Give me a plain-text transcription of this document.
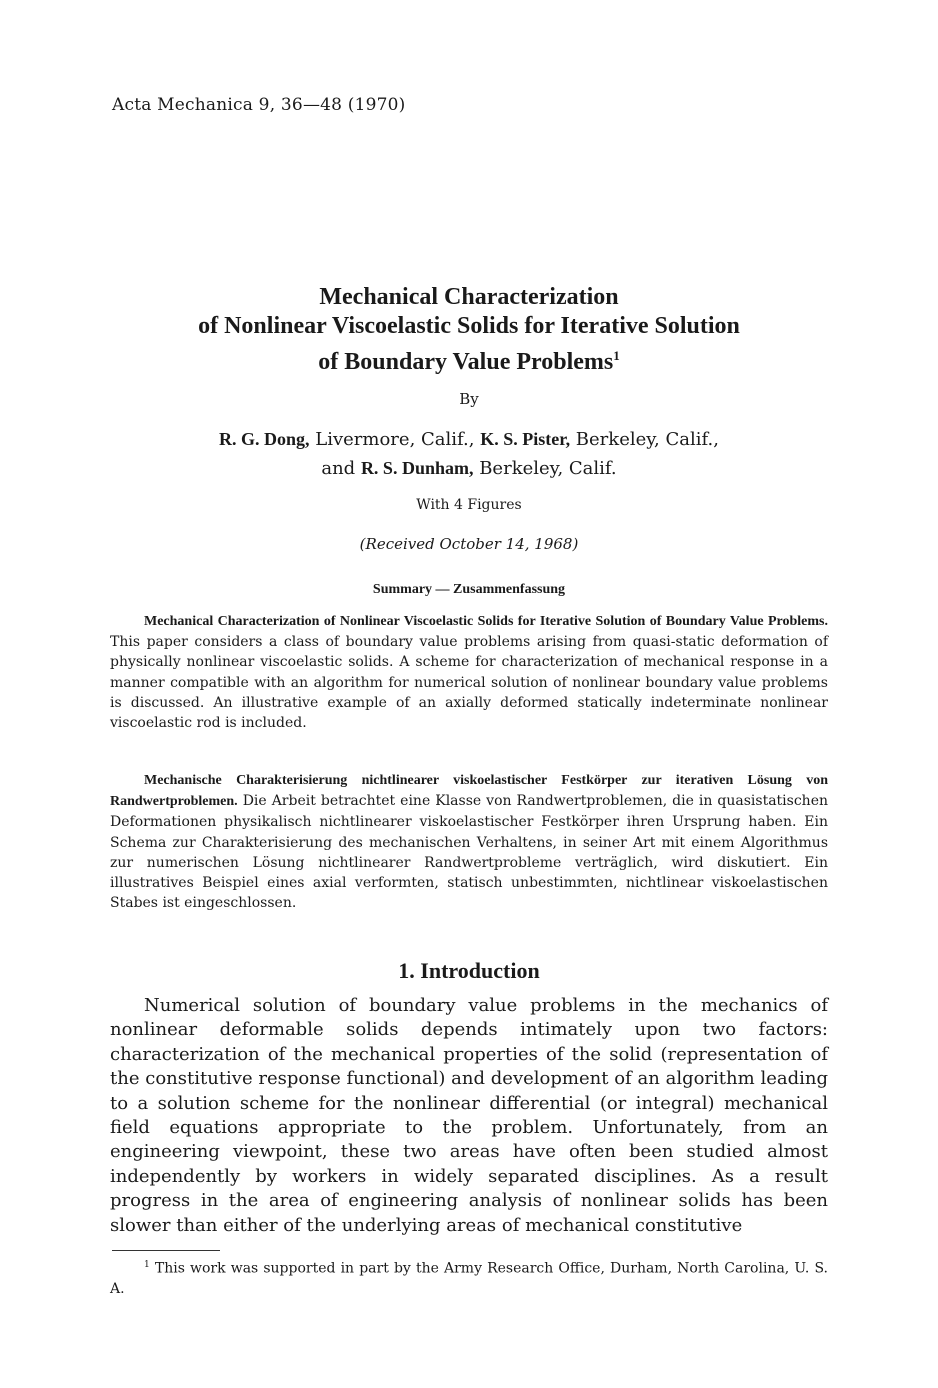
Acta Mechanica 9, 36—48 (1970)
Mechanical Characterization
of Nonlinear Viscoelastic Solids for Iterative Solution
of Boundary Value Problems$^1$
By
R. G. Dong, Livermore, Calif., K. S. Pister, Berkeley, Calif.,
and R. S. Dunham, Berkeley, Calif.
With 4 Figures
(Received October 14, 1968)
Summary — Zusammenfassung
Mechanical Characterization of Nonlinear Viscoelastic Solids for Iterative Solution of Boundary Value Problems. This paper considers a class of boundary value problems arising from quasi-static deformation of physically nonlinear viscoelastic solids. A scheme for characterization of mechanical response in a manner compatible with an algorithm for numerical solution of nonlinear boundary value problems is discussed. An illustrative example of an axially deformed statically indeterminate nonlinear viscoelastic rod is included.
Mechanische Charakterisierung nichtlinearer viskoelastischer Festkörper zur iterativen Lösung von Randwertproblemen. Die Arbeit betrachtet eine Klasse von Randwertproblemen, die in quasistatischen Deformationen physikalisch nichtlinearer viskoelastischer Festkörper ihren Ursprung haben. Ein Schema zur Charakterisierung des mechanischen Verhaltens, in seiner Art mit einem Algorithmus zur numerischen Lösung nichtlinearer Randwertprobleme verträglich, wird diskutiert. Ein illustratives Beispiel eines axial verformten, statisch unbestimmten, nichtlinear viskoelastischen Stabes ist eingeschlossen.
1. Introduction
Numerical solution of boundary value problems in the mechanics of nonlinear deformable solids depends intimately upon two factors: characterization of the mechanical properties of the solid (representation of the constitutive response functional) and development of an algorithm leading to a solution scheme for the nonlinear differential (or integral) mechanical field equations appropriate to the problem. Unfortunately, from an engineering viewpoint, these two areas have often been studied almost independently by workers in widely separated disciplines. As a result progress in the area of engineering analysis of nonlinear solids has been slower than either of the underlying areas of mechanical constitutive
$^1$ This work was supported in part by the Army Research Office, Durham, North Carolina, U. S. A.
